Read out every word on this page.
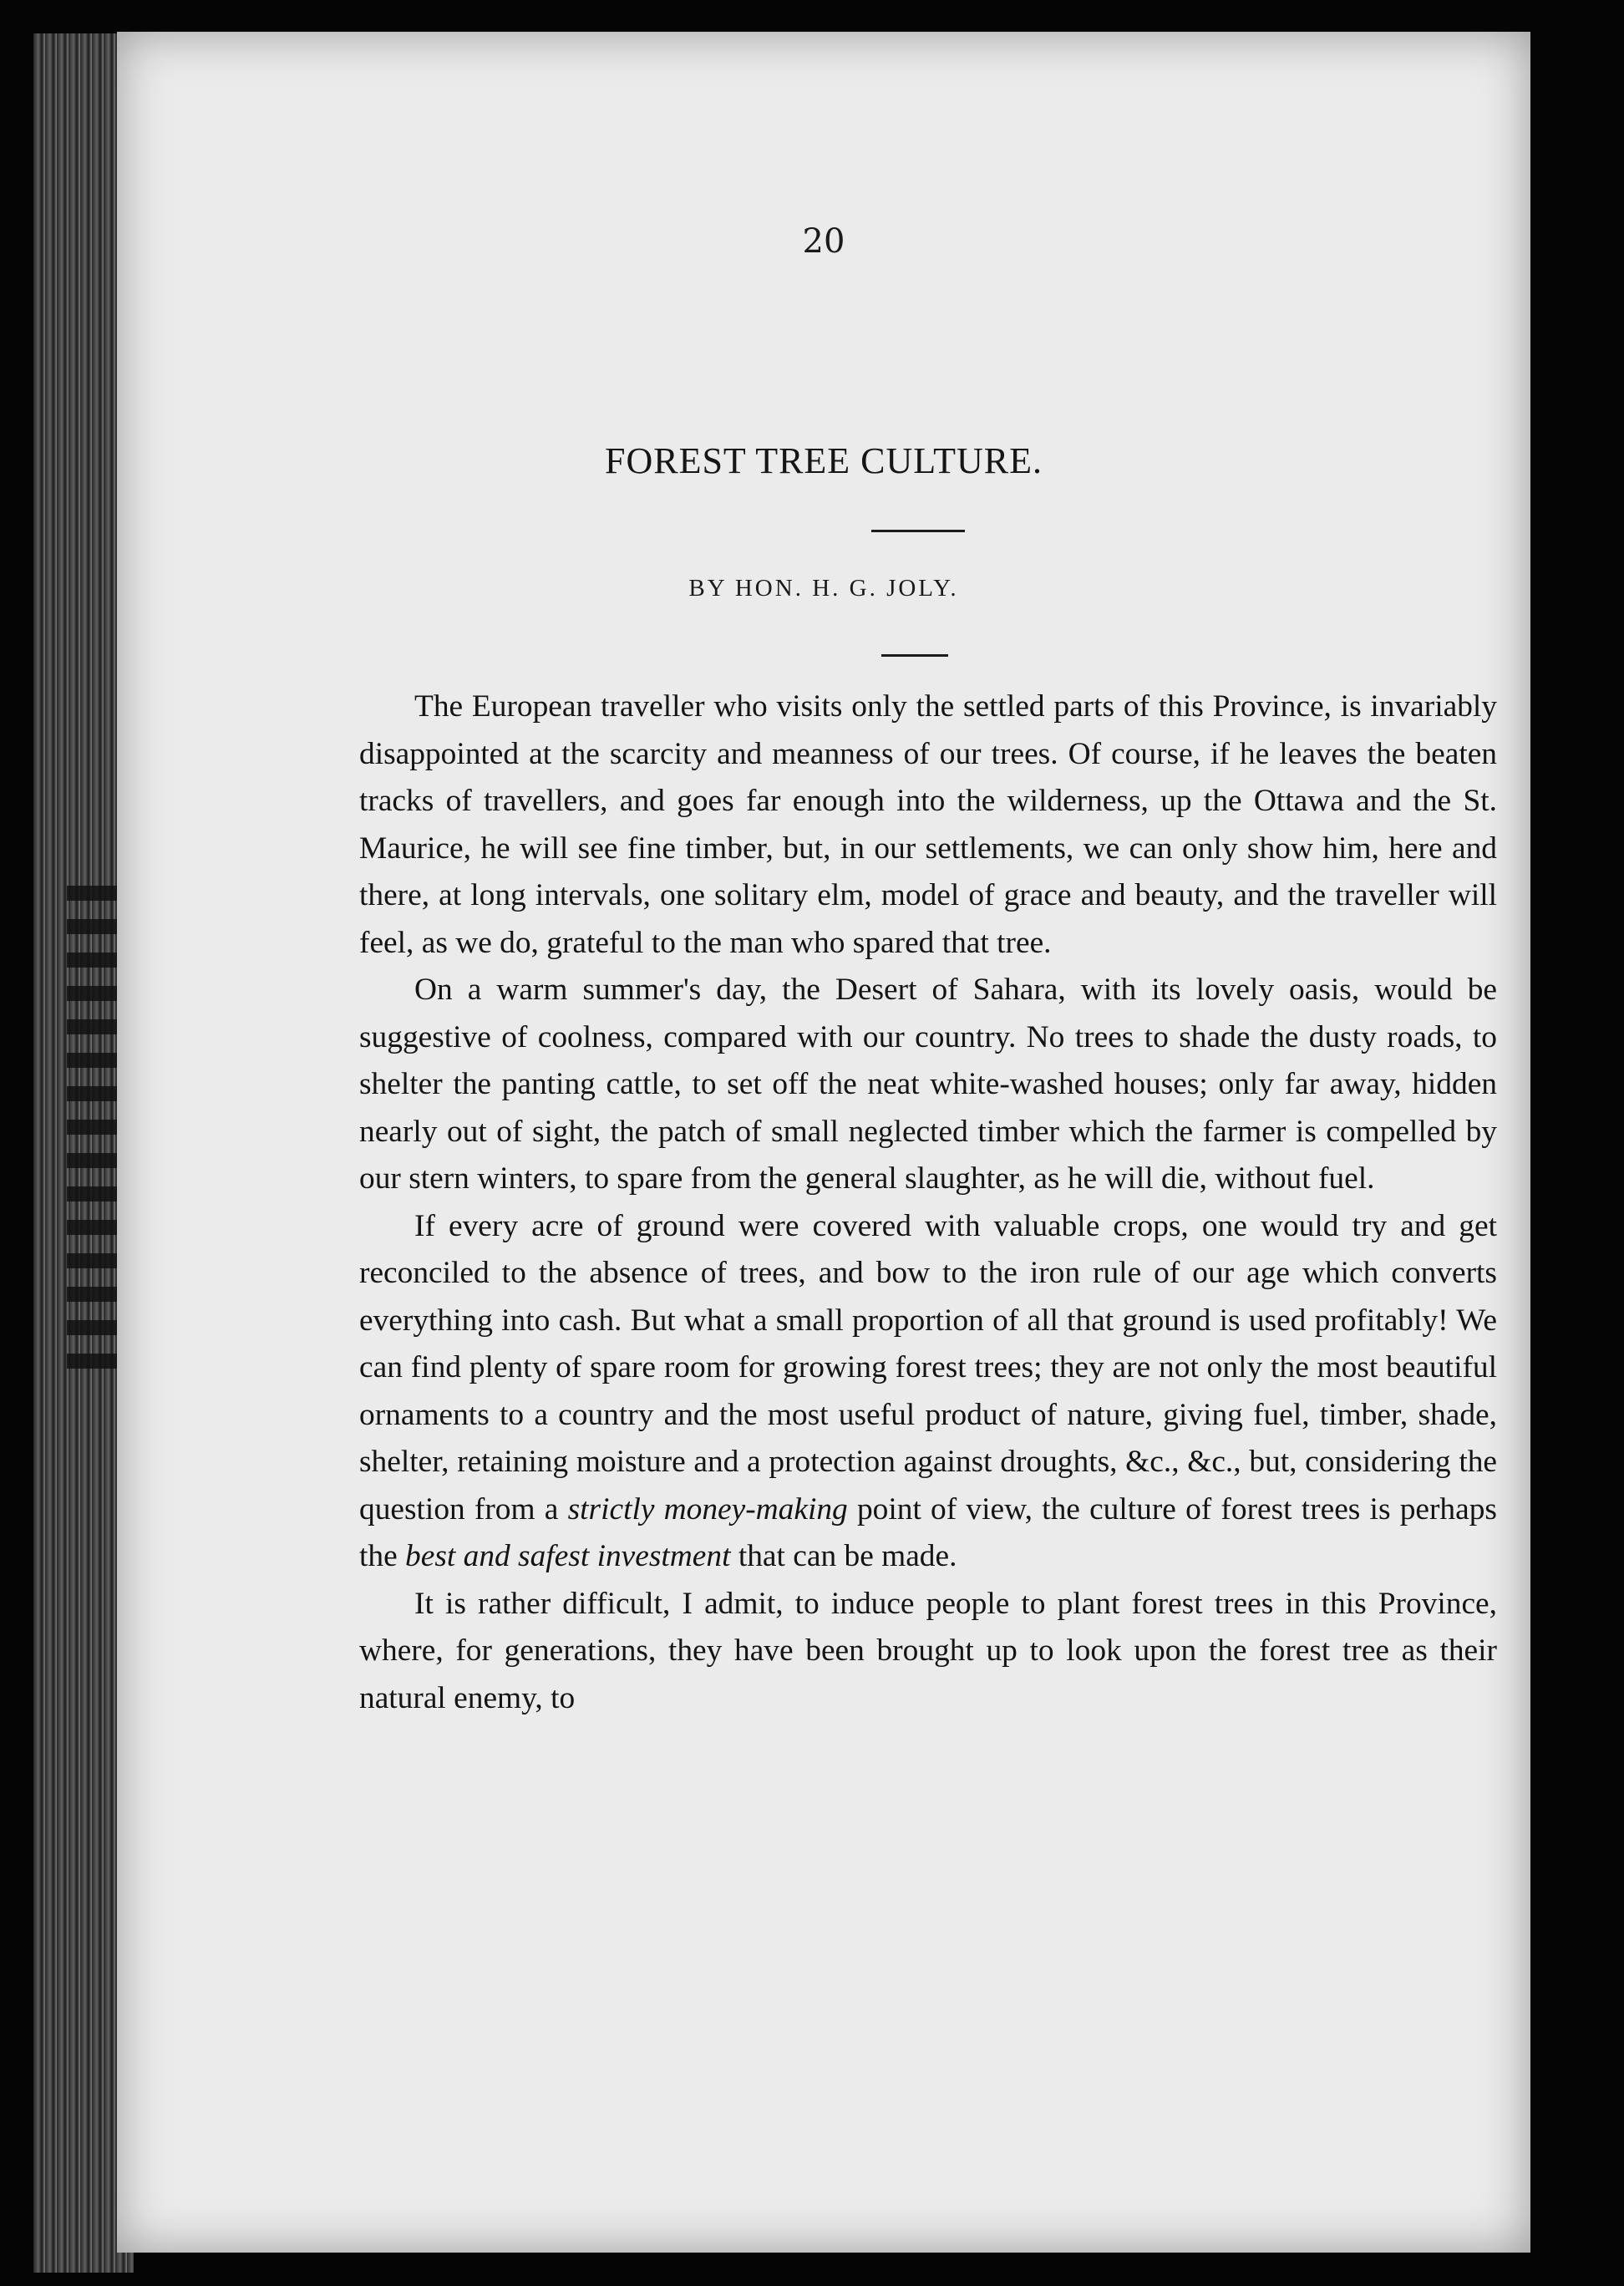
20
FOREST TREE CULTURE.
BY HON. H. G. JOLY.

The European traveller who visits only the settled parts of this Province, is invariably disappointed at the scarcity and meanness of our trees. Of course, if he leaves the beaten tracks of travellers, and goes far enough into the wilderness, up the Ottawa and the St. Maurice, he will see fine timber, but, in our settlements, we can only show him, here and there, at long intervals, one solitary elm, model of grace and beauty, and the traveller will feel, as we do, grateful to the man who spared that tree.

On a warm summer's day, the Desert of Sahara, with its lovely oasis, would be suggestive of coolness, compared with our country. No trees to shade the dusty roads, to shelter the panting cattle, to set off the neat white-washed houses; only far away, hidden nearly out of sight, the patch of small neglected timber which the farmer is compelled by our stern winters, to spare from the general slaughter, as he will die, without fuel.

If every acre of ground were covered with valuable crops, one would try and get reconciled to the absence of trees, and bow to the iron rule of our age which converts everything into cash. But what a small proportion of all that ground is used profitably! We can find plenty of spare room for growing forest trees; they are not only the most beautiful ornaments to a country and the most useful product of nature, giving fuel, timber, shade, shelter, retaining moisture and a protection against droughts, &c., &c., but, considering the question from a strictly money-making point of view, the culture of forest trees is perhaps the best and safest investment that can be made.

It is rather difficult, I admit, to induce people to plant forest trees in this Province, where, for generations, they have been brought up to look upon the forest tree as their natural enemy, to
